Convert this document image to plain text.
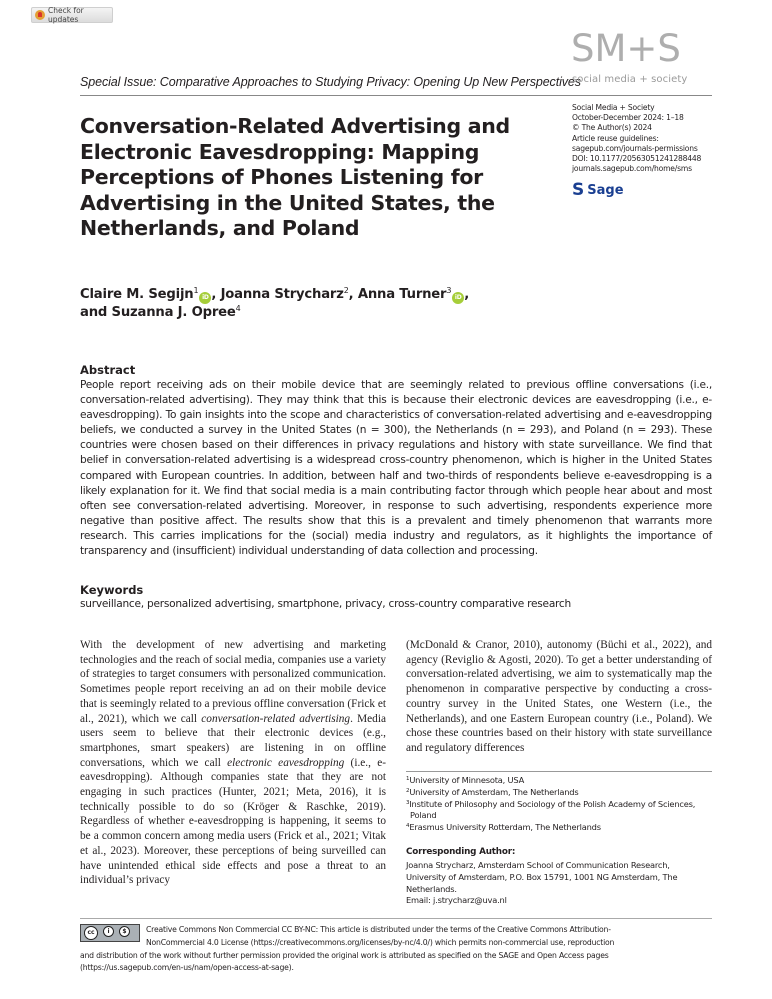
Check for updates
Special Issue: Comparative Approaches to Studying Privacy: Opening Up New Perspectives
SM+S
social media + society
Social Media + Society
October-December 2024: 1–18
© The Author(s) 2024
Article reuse guidelines:
sagepub.com/journals-permissions
DOI: 10.1177/20563051241288448
journals.sagepub.com/home/sms
S Sage
Conversation-Related Advertising and Electronic Eavesdropping: Mapping Perceptions of Phones Listening for Advertising in the United States, the Netherlands, and Poland
Claire M. Segijn$^1$iD , Joanna Strycharz$^2$, Anna Turner$^3$iD ,
and Suzanna J. Opree$^4$
Abstract
People report receiving ads on their mobile device that are seemingly related to previous offline conversations (i.e., conversation-related advertising). They may think that this is because their electronic devices are eavesdropping (i.e., e-eavesdropping). To gain insights into the scope and characteristics of conversation-related advertising and e-eavesdropping beliefs, we conducted a survey in the United States (n = 300), the Netherlands (n = 293), and Poland (n = 293). These countries were chosen based on their differences in privacy regulations and history with state surveillance. We find that belief in conversation-related advertising is a widespread cross-country phenomenon, which is higher in the United States compared with European countries. In addition, between half and two-thirds of respondents believe e-eavesdropping is a likely explanation for it. We find that social media is a main contributing factor through which people hear about and most often see conversation-related advertising. Moreover, in response to such advertising, respondents experience more negative than positive affect. The results show that this is a prevalent and timely phenomenon that warrants more research. This carries implications for the (social) media industry and regulators, as it highlights the importance of transparency and (insufficient) individual understanding of data collection and processing.
Keywords
surveillance, personalized advertising, smartphone, privacy, cross-country comparative research
With the development of new advertising and marketing technologies and the reach of social media, companies use a variety of strategies to target consumers with personalized communication. Sometimes people report receiving an ad on their mobile device that is seemingly related to a previous offline conversation (Frick et al., 2021), which we call conversation-related advertising. Media users seem to believe that their electronic devices (e.g., smartphones, smart speakers) are listening in on offline conversations, which we call electronic eavesdropping (i.e., e-eavesdropping). Although companies state that they are not engaging in such practices (Hunter, 2021; Meta, 2016), it is technically possible to do so (Kröger & Raschke, 2019). Regardless of whether e-eavesdropping is happening, it seems to be a common concern among media users (Frick et al., 2021; Vitak et al., 2023). Moreover, these perceptions of being surveilled can have unintended ethical side effects and pose a threat to an individual’s privacy
(McDonald & Cranor, 2010), autonomy (Büchi et al., 2022), and agency (Reviglio & Agosti, 2020). To get a better understanding of conversation-related advertising, we aim to systematically map the phenomenon in comparative perspective by conducting a cross-country survey in the United States, one Western (i.e., the Netherlands), and one Eastern European country (i.e., Poland). We chose these countries based on their history with state surveillance and regulatory differences
$^1$University of Minnesota, USA
$^2$University of Amsterdam, The Netherlands
$^3$Institute of Philosophy and Sociology of the Polish Academy of Sciences,
Poland
$^4$Erasmus University Rotterdam, The Netherlands
Corresponding Author:
Joanna Strycharz, Amsterdam School of Communication Research, University of Amsterdam, P.O. Box 15791, 1001 NG Amsterdam, The Netherlands.
Email: j.strycharz@uva.nl
cc	i	$	Creative Commons Non Commercial CC BY-NC: This article is distributed under the terms of the Creative Commons Attribution-
NonCommercial 4.0 License (https://creativecommons.org/licenses/by-nc/4.0/) which permits non-commercial use, reproduction
and distribution of the work without further permission provided the original work is attributed as specified on the SAGE and Open Access pages
(https://us.sagepub.com/en-us/nam/open-access-at-sage).
